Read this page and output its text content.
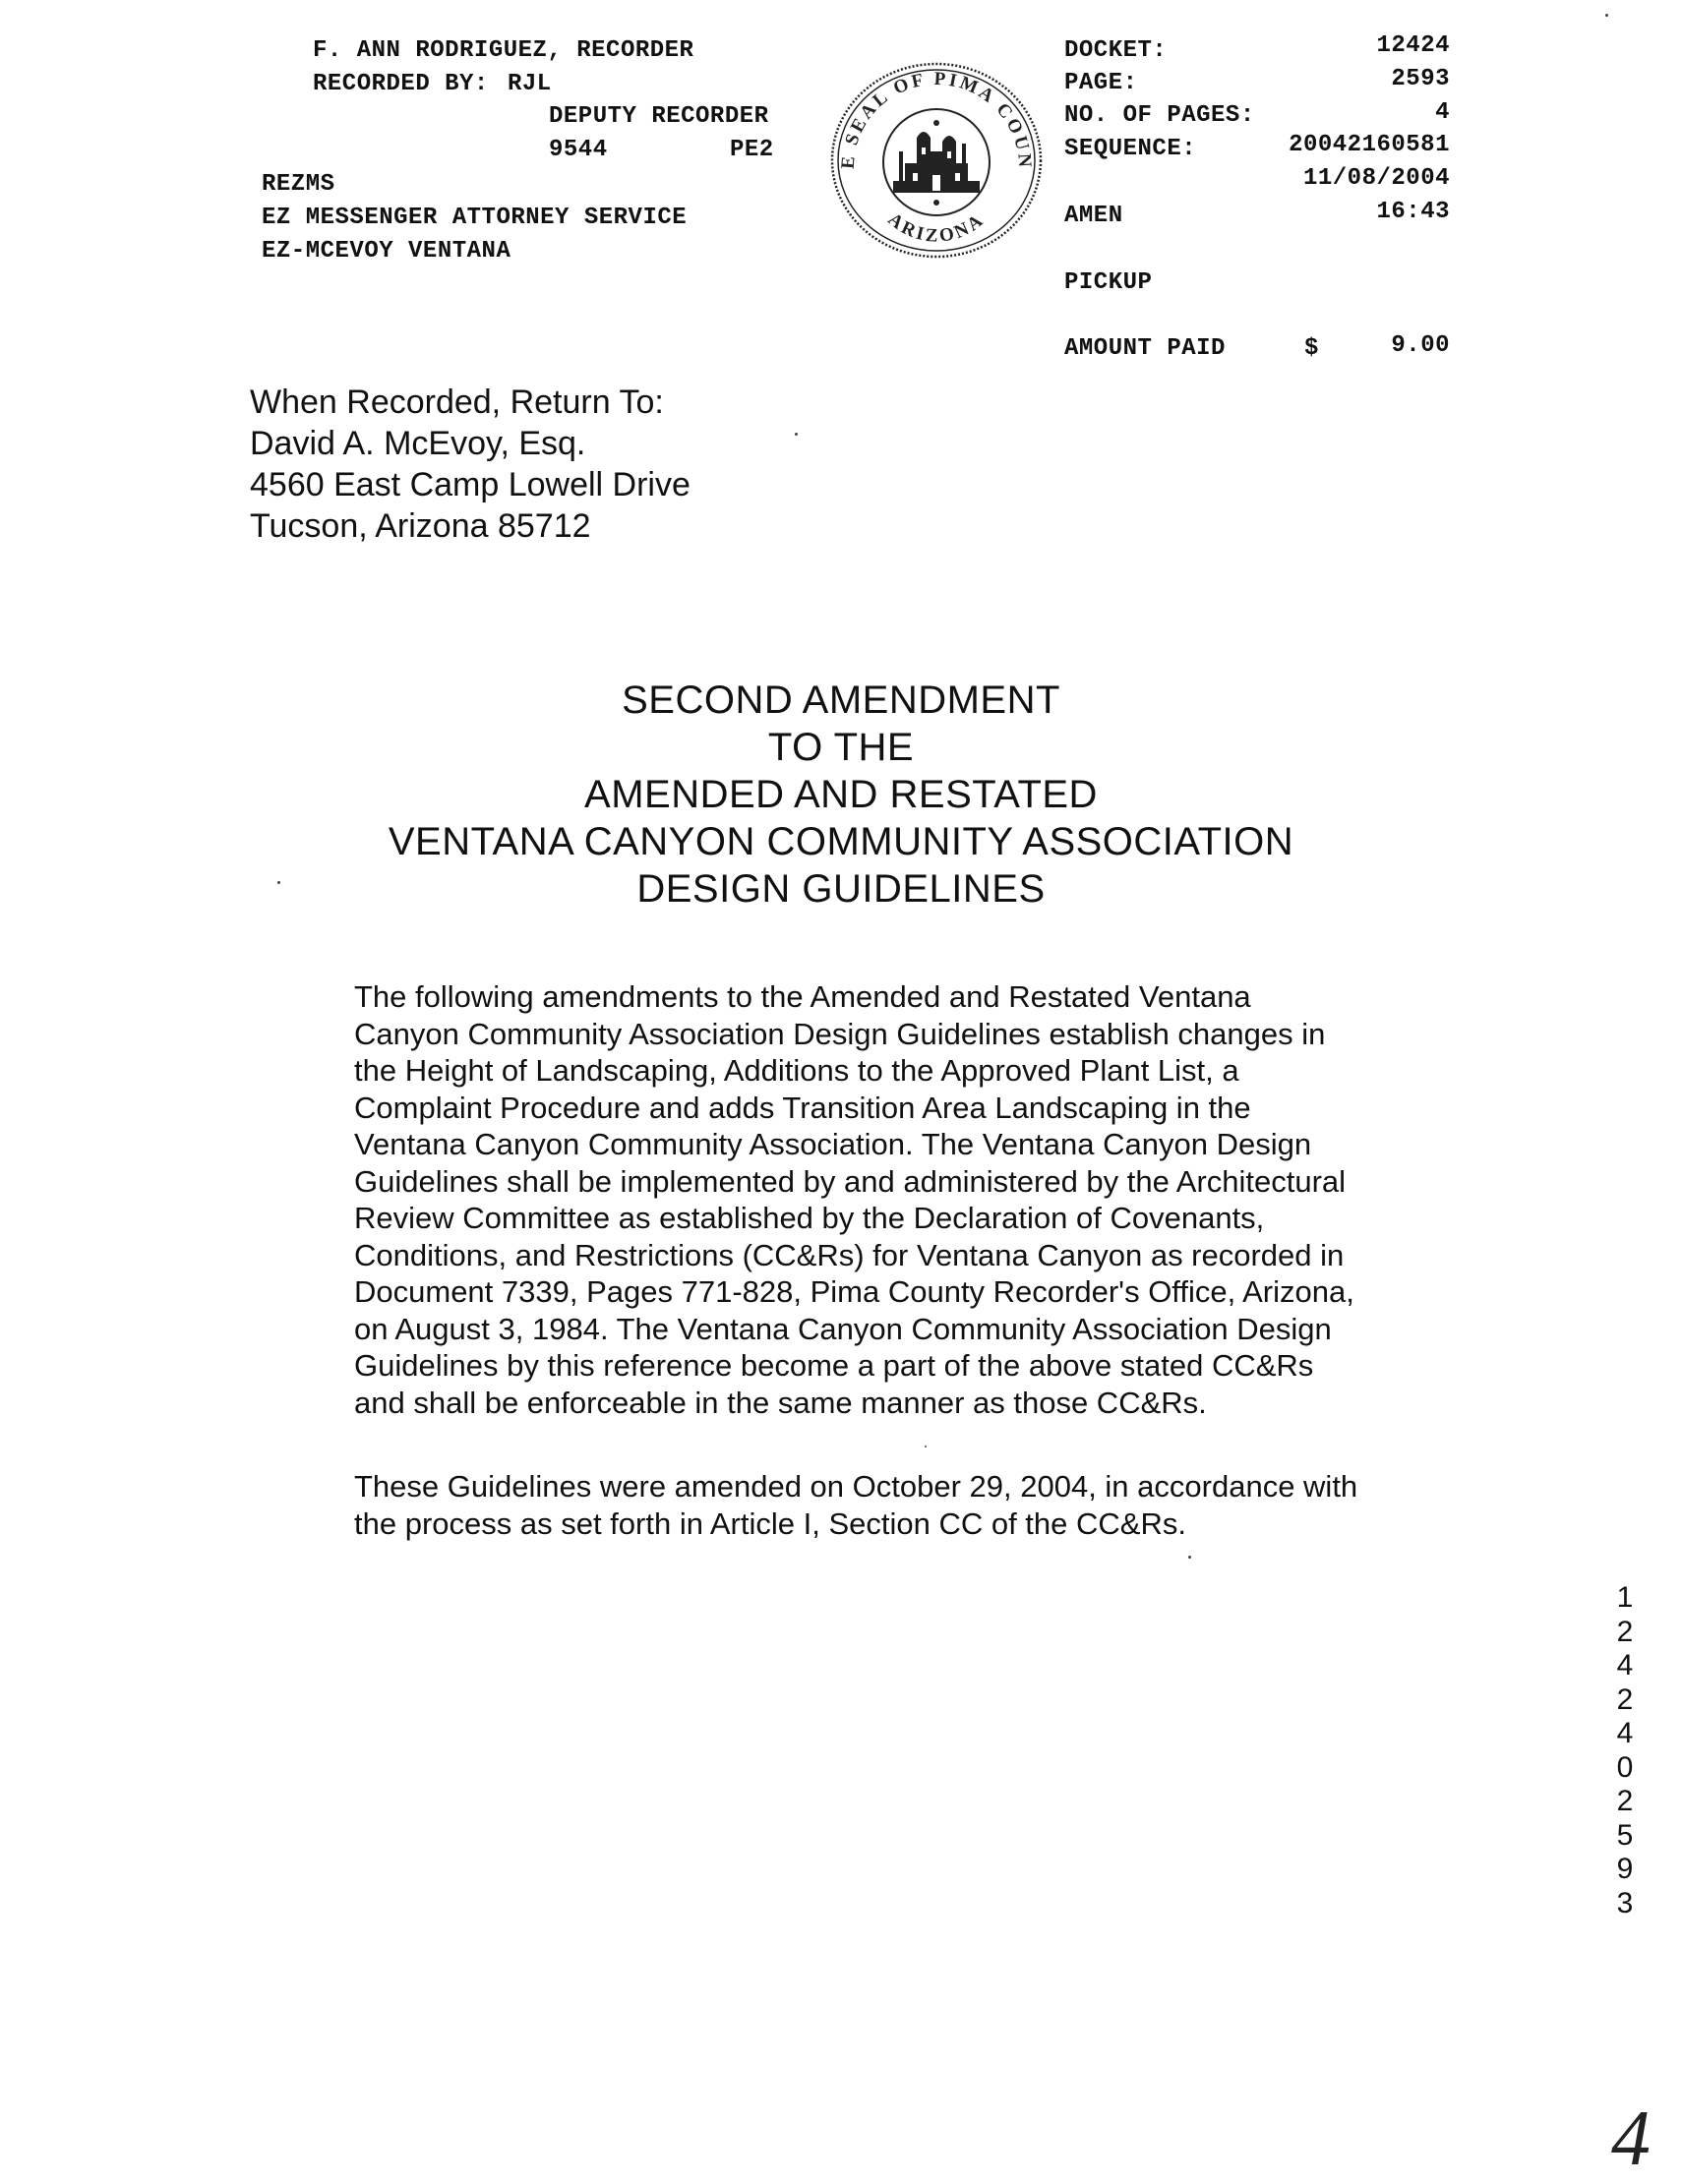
F. ANN RODRIGUEZ, RECORDER
RECORDED BY: RJL
DEPUTY RECORDER
9544	PE2
REZMS
EZ MESSENGER ATTORNEY SERVICE
EZ-MCEVOY VENTANA
E SEAL OF PIMA COUN
ARIZONA
DOCKET:	12424
PAGE:	2593
NO. OF PAGES:	4
SEQUENCE:	20042160581
11/08/2004
AMEN	16:43
PICKUP
AMOUNT PAID	$	9.00
When Recorded, Return To:
David A. McEvoy, Esq.
4560 East Camp Lowell Drive
Tucson, Arizona 85712
SECOND AMENDMENT
TO THE
AMENDED AND RESTATED
VENTANA CANYON COMMUNITY ASSOCIATION
DESIGN GUIDELINES
The following amendments to the Amended and Restated Ventana
Canyon Community Association Design Guidelines establish changes in
the Height of Landscaping, Additions to the Approved Plant List, a
Complaint Procedure and adds Transition Area Landscaping in the
Ventana Canyon Community Association. The Ventana Canyon Design
Guidelines shall be implemented by and administered by the Architectural
Review Committee as established by the Declaration of Covenants,
Conditions, and Restrictions (CC&Rs) for Ventana Canyon as recorded in
Document 7339, Pages 771-828, Pima County Recorder's Office, Arizona,
on August 3, 1984. The Ventana Canyon Community Association Design
Guidelines by this reference become a part of the above stated CC&Rs
and shall be enforceable in the same manner as those CC&Rs.
These Guidelines were amended on October 29, 2004, in accordance with
the process as set forth in Article I, Section CC of the CC&Rs.
1
2
4
2
4
0
2
5
9
3
4
